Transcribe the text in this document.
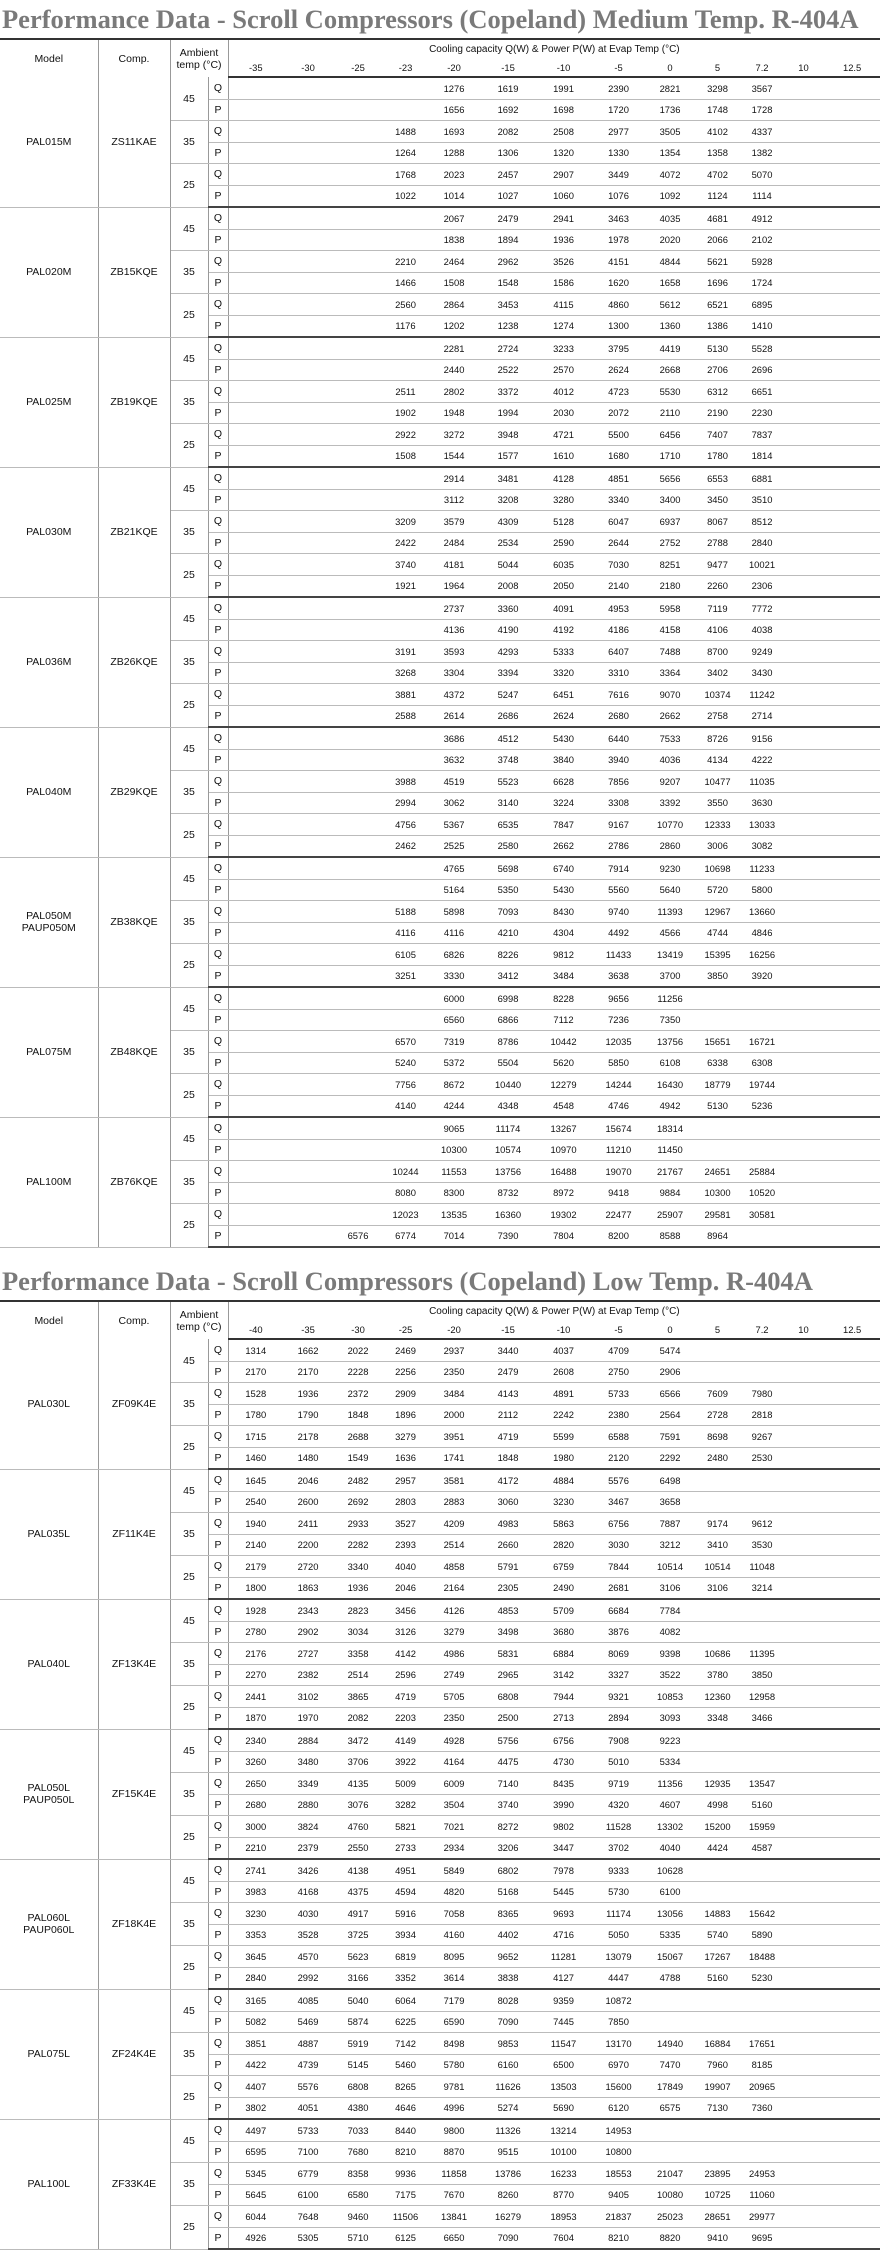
Performance Data - Scroll Compressors (Copeland) Medium Temp. R-404A
Model	Comp.	Ambient temp (°C)		Cooling capacity Q(W) & Power P(W) at Evap Temp (°C)												
				-35	-30	-25	-23	-20	-15	-10	-5	0	5	7.2	10	12.5
PAL015M	ZS11KAE	45	Q					1276	1619	1991	2390	2821	3298	3567		
			P					1656	1692	1698	1720	1736	1748	1728		
		35	Q				1488	1693	2082	2508	2977	3505	4102	4337		
			P				1264	1288	1306	1320	1330	1354	1358	1382		
		25	Q				1768	2023	2457	2907	3449	4072	4702	5070		
			P				1022	1014	1027	1060	1076	1092	1124	1114		
PAL020M	ZB15KQE	45	Q					2067	2479	2941	3463	4035	4681	4912		
			P					1838	1894	1936	1978	2020	2066	2102		
		35	Q				2210	2464	2962	3526	4151	4844	5621	5928		
			P				1466	1508	1548	1586	1620	1658	1696	1724		
		25	Q				2560	2864	3453	4115	4860	5612	6521	6895		
			P				1176	1202	1238	1274	1300	1360	1386	1410		
PAL025M	ZB19KQE	45	Q					2281	2724	3233	3795	4419	5130	5528		
			P					2440	2522	2570	2624	2668	2706	2696		
		35	Q				2511	2802	3372	4012	4723	5530	6312	6651		
			P				1902	1948	1994	2030	2072	2110	2190	2230		
		25	Q				2922	3272	3948	4721	5500	6456	7407	7837		
			P				1508	1544	1577	1610	1680	1710	1780	1814		
PAL030M	ZB21KQE	45	Q					2914	3481	4128	4851	5656	6553	6881		
			P					3112	3208	3280	3340	3400	3450	3510		
		35	Q				3209	3579	4309	5128	6047	6937	8067	8512		
			P				2422	2484	2534	2590	2644	2752	2788	2840		
		25	Q				3740	4181	5044	6035	7030	8251	9477	10021		
			P				1921	1964	2008	2050	2140	2180	2260	2306		
PAL036M	ZB26KQE	45	Q					2737	3360	4091	4953	5958	7119	7772		
			P					4136	4190	4192	4186	4158	4106	4038		
		35	Q				3191	3593	4293	5333	6407	7488	8700	9249		
			P				3268	3304	3394	3320	3310	3364	3402	3430		
		25	Q				3881	4372	5247	6451	7616	9070	10374	11242		
			P				2588	2614	2686	2624	2680	2662	2758	2714		
PAL040M	ZB29KQE	45	Q					3686	4512	5430	6440	7533	8726	9156		
			P					3632	3748	3840	3940	4036	4134	4222		
		35	Q				3988	4519	5523	6628	7856	9207	10477	11035		
			P				2994	3062	3140	3224	3308	3392	3550	3630		
		25	Q				4756	5367	6535	7847	9167	10770	12333	13033		
			P				2462	2525	2580	2662	2786	2860	3006	3082		
PAL050M
PAUP050M	ZB38KQE	45	Q					4765	5698	6740	7914	9230	10698	11233		
			P					5164	5350	5430	5560	5640	5720	5800		
		35	Q				5188	5898	7093	8430	9740	11393	12967	13660		
			P				4116	4116	4210	4304	4492	4566	4744	4846		
		25	Q				6105	6826	8226	9812	11433	13419	15395	16256		
			P				3251	3330	3412	3484	3638	3700	3850	3920		
PAL075M	ZB48KQE	45	Q					6000	6998	8228	9656	11256				
			P					6560	6866	7112	7236	7350				
		35	Q				6570	7319	8786	10442	12035	13756	15651	16721		
			P				5240	5372	5504	5620	5850	6108	6338	6308		
		25	Q				7756	8672	10440	12279	14244	16430	18779	19744		
			P				4140	4244	4348	4548	4746	4942	5130	5236		
PAL100M	ZB76KQE	45	Q					9065	11174	13267	15674	18314				
			P					10300	10574	10970	11210	11450				
		35	Q				10244	11553	13756	16488	19070	21767	24651	25884		
			P				8080	8300	8732	8972	9418	9884	10300	10520		
		25	Q				12023	13535	16360	19302	22477	25907	29581	30581		
			P			6576	6774	7014	7390	7804	8200	8588	8964			
Performance Data - Scroll Compressors (Copeland) Low Temp. R-404A
Model	Comp.	Ambient temp (°C)		Cooling capacity Q(W) & Power P(W) at Evap Temp (°C)												
				-40	-35	-30	-25	-20	-15	-10	-5	0	5	7.2	10	12.5
PAL030L	ZF09K4E	45	Q	1314	1662	2022	2469	2937	3440	4037	4709	5474				
			P	2170	2170	2228	2256	2350	2479	2608	2750	2906				
		35	Q	1528	1936	2372	2909	3484	4143	4891	5733	6566	7609	7980		
			P	1780	1790	1848	1896	2000	2112	2242	2380	2564	2728	2818		
		25	Q	1715	2178	2688	3279	3951	4719	5599	6588	7591	8698	9267		
			P	1460	1480	1549	1636	1741	1848	1980	2120	2292	2480	2530		
PAL035L	ZF11K4E	45	Q	1645	2046	2482	2957	3581	4172	4884	5576	6498				
			P	2540	2600	2692	2803	2883	3060	3230	3467	3658				
		35	Q	1940	2411	2933	3527	4209	4983	5863	6756	7887	9174	9612		
			P	2140	2200	2282	2393	2514	2660	2820	3030	3212	3410	3530		
		25	Q	2179	2720	3340	4040	4858	5791	6759	7844	10514	10514	11048		
			P	1800	1863	1936	2046	2164	2305	2490	2681	3106	3106	3214		
PAL040L	ZF13K4E	45	Q	1928	2343	2823	3456	4126	4853	5709	6684	7784				
			P	2780	2902	3034	3126	3279	3498	3680	3876	4082				
		35	Q	2176	2727	3358	4142	4986	5831	6884	8069	9398	10686	11395		
			P	2270	2382	2514	2596	2749	2965	3142	3327	3522	3780	3850		
		25	Q	2441	3102	3865	4719	5705	6808	7944	9321	10853	12360	12958		
			P	1870	1970	2082	2203	2350	2500	2713	2894	3093	3348	3466		
PAL050L
PAUP050L	ZF15K4E	45	Q	2340	2884	3472	4149	4928	5756	6756	7908	9223				
			P	3260	3480	3706	3922	4164	4475	4730	5010	5334				
		35	Q	2650	3349	4135	5009	6009	7140	8435	9719	11356	12935	13547		
			P	2680	2880	3076	3282	3504	3740	3990	4320	4607	4998	5160		
		25	Q	3000	3824	4760	5821	7021	8272	9802	11528	13302	15200	15959		
			P	2210	2379	2550	2733	2934	3206	3447	3702	4040	4424	4587		
PAL060L
PAUP060L	ZF18K4E	45	Q	2741	3426	4138	4951	5849	6802	7978	9333	10628				
			P	3983	4168	4375	4594	4820	5168	5445	5730	6100				
		35	Q	3230	4030	4917	5916	7058	8365	9693	11174	13056	14883	15642		
			P	3353	3528	3725	3934	4160	4402	4716	5050	5335	5740	5890		
		25	Q	3645	4570	5623	6819	8095	9652	11281	13079	15067	17267	18488		
			P	2840	2992	3166	3352	3614	3838	4127	4447	4788	5160	5230		
PAL075L	ZF24K4E	45	Q	3165	4085	5040	6064	7179	8028	9359	10872					
			P	5082	5469	5874	6225	6590	7090	7445	7850					
		35	Q	3851	4887	5919	7142	8498	9853	11547	13170	14940	16884	17651		
			P	4422	4739	5145	5460	5780	6160	6500	6970	7470	7960	8185		
		25	Q	4407	5576	6808	8265	9781	11626	13503	15600	17849	19907	20965		
			P	3802	4051	4380	4646	4996	5274	5690	6120	6575	7130	7360		
PAL100L	ZF33K4E	45	Q	4497	5733	7033	8440	9800	11326	13214	14953					
			P	6595	7100	7680	8210	8870	9515	10100	10800					
		35	Q	5345	6779	8358	9936	11858	13786	16233	18553	21047	23895	24953		
			P	5645	6100	6580	7175	7670	8260	8770	9405	10080	10725	11060		
		25	Q	6044	7648	9460	11506	13841	16279	18953	21837	25023	28651	29977		
			P	4926	5305	5710	6125	6650	7090	7604	8210	8820	9410	9695		
